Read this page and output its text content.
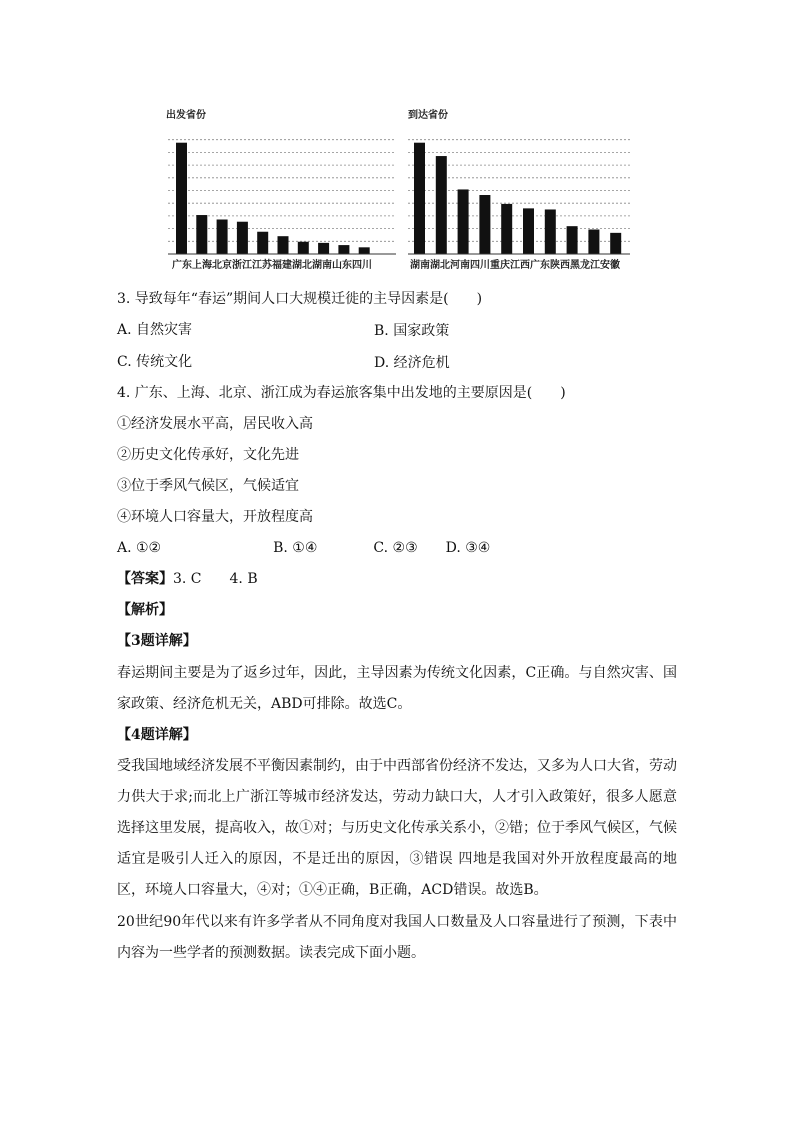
出发省份
广东上海北京浙江江苏福建湖北湖南山东四川
到达省份
湖南湖北河南四川重庆江西广东陕西黑龙江安徽
3. 导致每年“春运”期间人口大规模迁徙的主导因素是(　　)
A. 自然灾害	B. 国家政策
C. 传统文化	D. 经济危机
4. 广东、上海、北京、浙江成为春运旅客集中出发地的主要原因是(　　)
①经济发展水平高，居民收入高
②历史文化传承好，文化先进
③位于季风气候区，气候适宜
④环境人口容量大，开放程度高
A. ①②　　　　　　　　B. ①④　　　　C. ②③　　D. ③④
【答案】3. C　　4. B
【解析】
【3题详解】
春运期间主要是为了返乡过年，因此，主导因素为传统文化因素，C正确。与自然灾害、国家政策、经济危机无关，ABD可排除。故选C。
【4题详解】
受我国地域经济发展不平衡因素制约，由于中西部省份经济不发达，又多为人口大省，劳动力供大于求;而北上广浙江等城市经济发达，劳动力缺口大，人才引入政策好，很多人愿意选择这里发展，提高收入，故①对；与历史文化传承关系小，②错；位于季风气候区，气候适宜是吸引人迁入的原因，不是迁出的原因，③错误 四地是我国对外开放程度最高的地区，环境人口容量大，④对；①④正确，B正确，ACD错误。故选B。
20世纪90年代以来有许多学者从不同角度对我国人口数量及人口容量进行了预测，下表中内容为一些学者的预测数据。读表完成下面小题。
